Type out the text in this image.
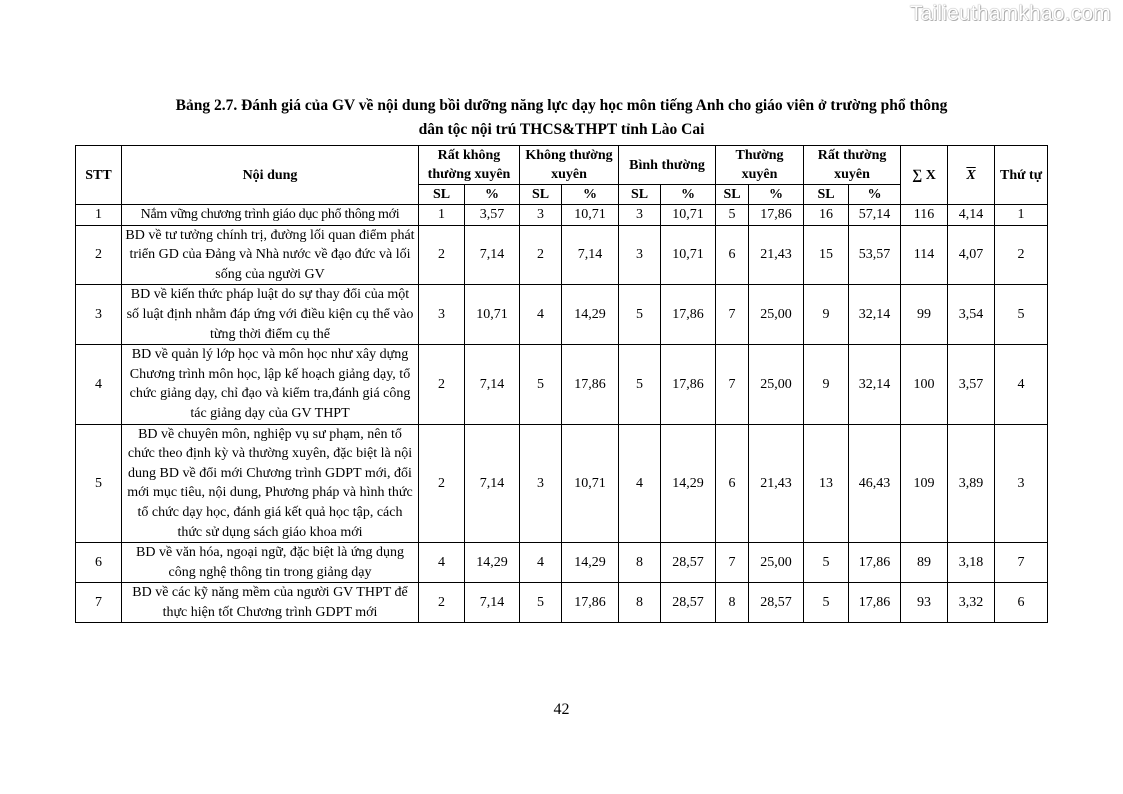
Tailieuthamkhao.com
Bảng 2.7. Đánh giá của GV về nội dung bồi dưỡng năng lực dạy học môn tiếng Anh cho giáo viên ở trường phổ thông
dân tộc nội trú THCS&THPT tỉnh Lào Cai
STT	Nội dung	Rất không thường xuyên		Không thường xuyên		Bình thường		Thường xuyên		Rất thường xuyên		∑ X	$\overline{X}$	Thứ tự
		SL	%	SL	%	SL	%	SL	%	SL	%			
1	Nắm vững chương trình giáo dục phổ thông mới	1	3,57	3	10,71	3	10,71	5	17,86	16	57,14	116	4,14	1
2	BD về tư tưởng chính trị, đường lối quan điểm phát triển GD của Đảng và Nhà nước về đạo đức và lối sống của người GV	2	7,14	2	7,14	3	10,71	6	21,43	15	53,57	114	4,07	2
3	BD về kiến thức pháp luật do sự thay đổi của một số luật định nhằm đáp ứng với điều kiện cụ thể vào từng thời điểm cụ thể	3	10,71	4	14,29	5	17,86	7	25,00	9	32,14	99	3,54	5
4	BD về quản lý lớp học và môn học như xây dựng Chương trình môn học, lập kế hoạch giảng dạy, tổ chức giảng dạy, chỉ đạo và kiểm tra,đánh giá công tác giảng dạy của GV THPT	2	7,14	5	17,86	5	17,86	7	25,00	9	32,14	100	3,57	4
5	BD về chuyên môn, nghiệp vụ sư phạm, nên tổ chức theo định kỳ và thường xuyên, đặc biệt là nội dung BD về đổi mới Chương trình GDPT mới, đổi mới mục tiêu, nội dung, Phương pháp và hình thức tổ chức dạy học, đánh giá kết quả học tập, cách thức sử dụng sách giáo khoa mới	2	7,14	3	10,71	4	14,29	6	21,43	13	46,43	109	3,89	3
6	BD về văn hóa, ngoại ngữ, đặc biệt là ứng dụng công nghệ thông tin trong giảng dạy	4	14,29	4	14,29	8	28,57	7	25,00	5	17,86	89	3,18	7
7	BD về các kỹ năng mềm của người GV THPT để thực hiện tốt Chương trình GDPT mới	2	7,14	5	17,86	8	28,57	8	28,57	5	17,86	93	3,32	6
42
